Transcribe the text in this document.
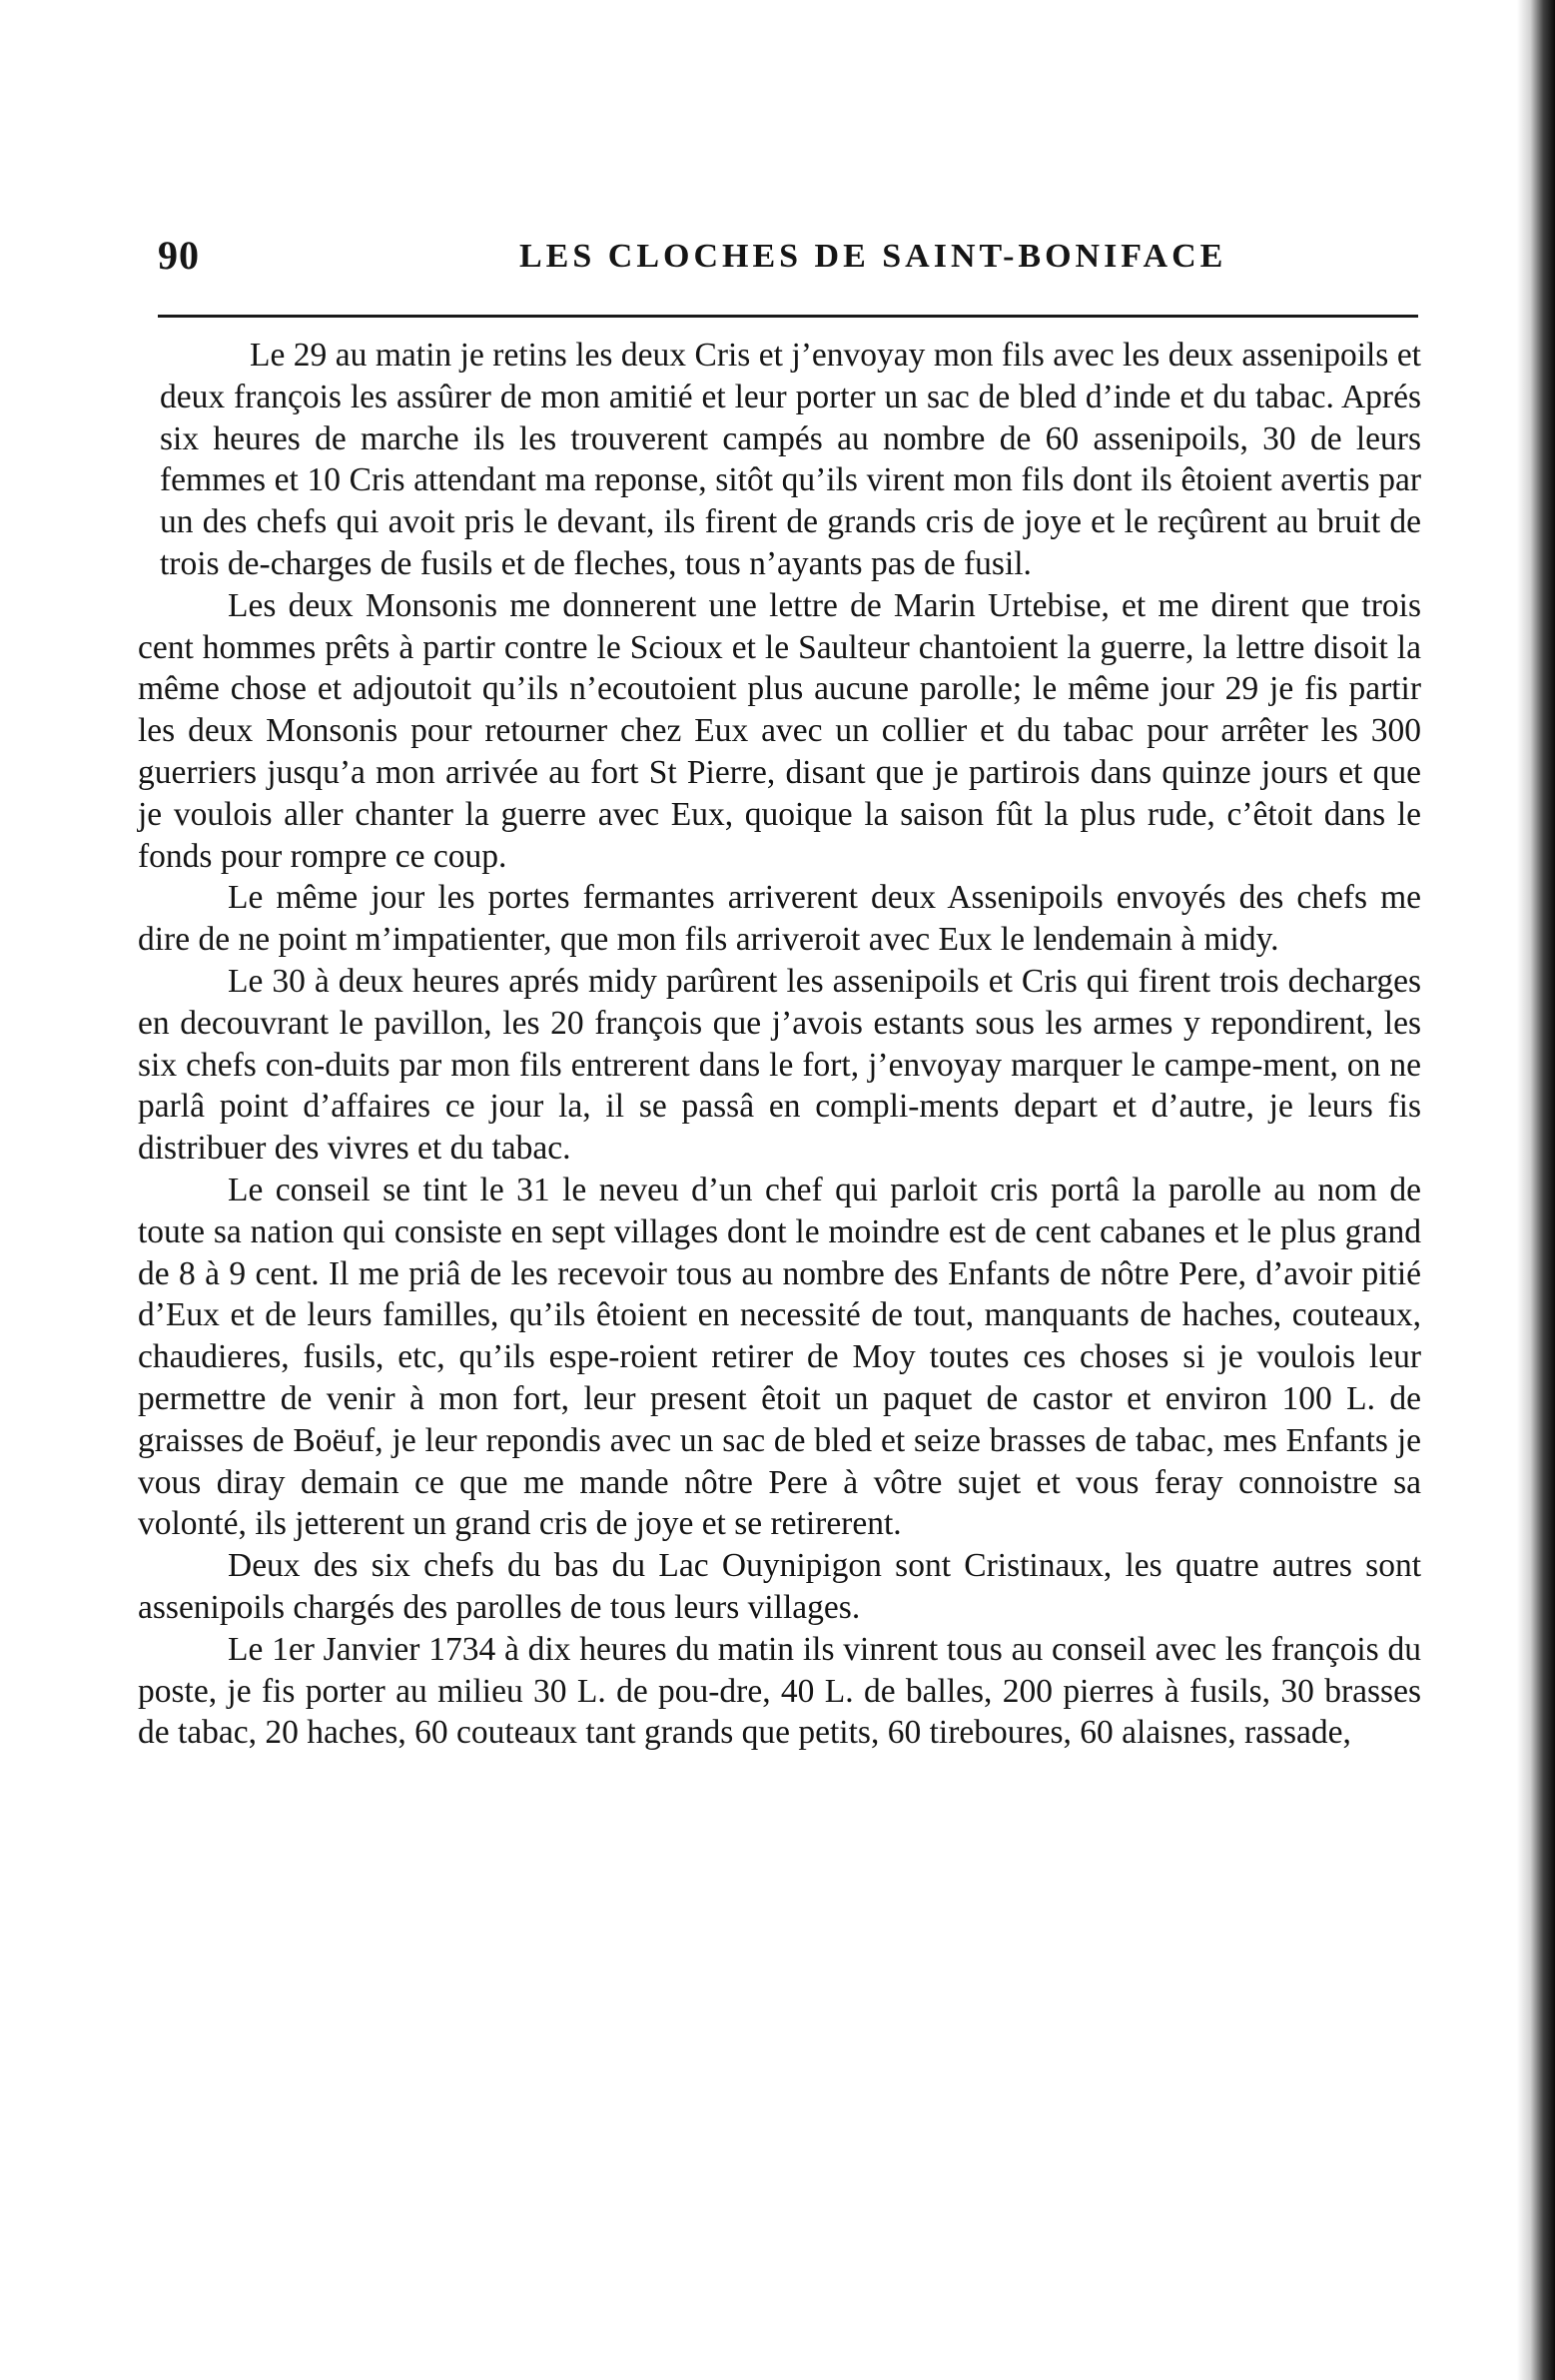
90	LES CLOCHES DE SAINT-BONIFACE

Le 29 au matin je retins les deux Cris et j’envoyay mon fils avec les deux assenipoils et deux françois les assûrer de mon amitié et leur porter un sac de bled d’inde et du tabac. Aprés six heures de marche ils les trouverent campés au nombre de 60 assenipoils, 30 de leurs femmes et 10 Cris attendant ma reponse, sitôt qu’ils virent mon fils dont ils êtoient avertis par un des chefs qui avoit pris le devant, ils firent de grands cris de joye et le reçûrent au bruit de trois de-charges de fusils et de fleches, tous n’ayants pas de fusil.

Les deux Monsonis me donnerent une lettre de Marin Urtebise, et me dirent que trois cent hommes prêts à partir contre le Scioux et le Saulteur chantoient la guerre, la lettre disoit la même chose et adjoutoit qu’ils n’ecoutoient plus aucune parolle; le même jour 29 je fis partir les deux Monsonis pour retourner chez Eux avec un collier et du tabac pour arrêter les 300 guerriers jusqu’a mon arrivée au fort St Pierre, disant que je partirois dans quinze jours et que je voulois aller chanter la guerre avec Eux, quoique la saison fût la plus rude, c’êtoit dans le fonds pour rompre ce coup.

Le même jour les portes fermantes arriverent deux Assenipoils envoyés des chefs me dire de ne point m’impatienter, que mon fils arriveroit avec Eux le lendemain à midy.

Le 30 à deux heures aprés midy parûrent les assenipoils et Cris qui firent trois decharges en decouvrant le pavillon, les 20 françois que j’avois estants sous les armes y repondirent, les six chefs con-duits par mon fils entrerent dans le fort, j’envoyay marquer le campe-ment, on ne parlâ point d’affaires ce jour la, il se passâ en compli-ments depart et d’autre, je leurs fis distribuer des vivres et du tabac.

Le conseil se tint le 31 le neveu d’un chef qui parloit cris portâ la parolle au nom de toute sa nation qui consiste en sept villages dont le moindre est de cent cabanes et le plus grand de 8 à 9 cent. Il me priâ de les recevoir tous au nombre des Enfants de nôtre Pere, d’avoir pitié d’Eux et de leurs familles, qu’ils êtoient en necessité de tout, manquants de haches, couteaux, chaudieres, fusils, etc, qu’ils espe-roient retirer de Moy toutes ces choses si je voulois leur permettre de venir à mon fort, leur present êtoit un paquet de castor et environ 100 L. de graisses de Boëuf, je leur repondis avec un sac de bled et seize brasses de tabac, mes Enfants je vous diray demain ce que me mande nôtre Pere à vôtre sujet et vous feray connoistre sa volonté, ils jetterent un grand cris de joye et se retirerent.

Deux des six chefs du bas du Lac Ouynipigon sont Cristinaux, les quatre autres sont assenipoils chargés des parolles de tous leurs villages.

Le 1er Janvier 1734 à dix heures du matin ils vinrent tous au conseil avec les françois du poste, je fis porter au milieu 30 L. de pou-dre, 40 L. de balles, 200 pierres à fusils, 30 brasses de tabac, 20 haches, 60 couteaux tant grands que petits, 60 tireboures, 60 alaisnes, rassade,
